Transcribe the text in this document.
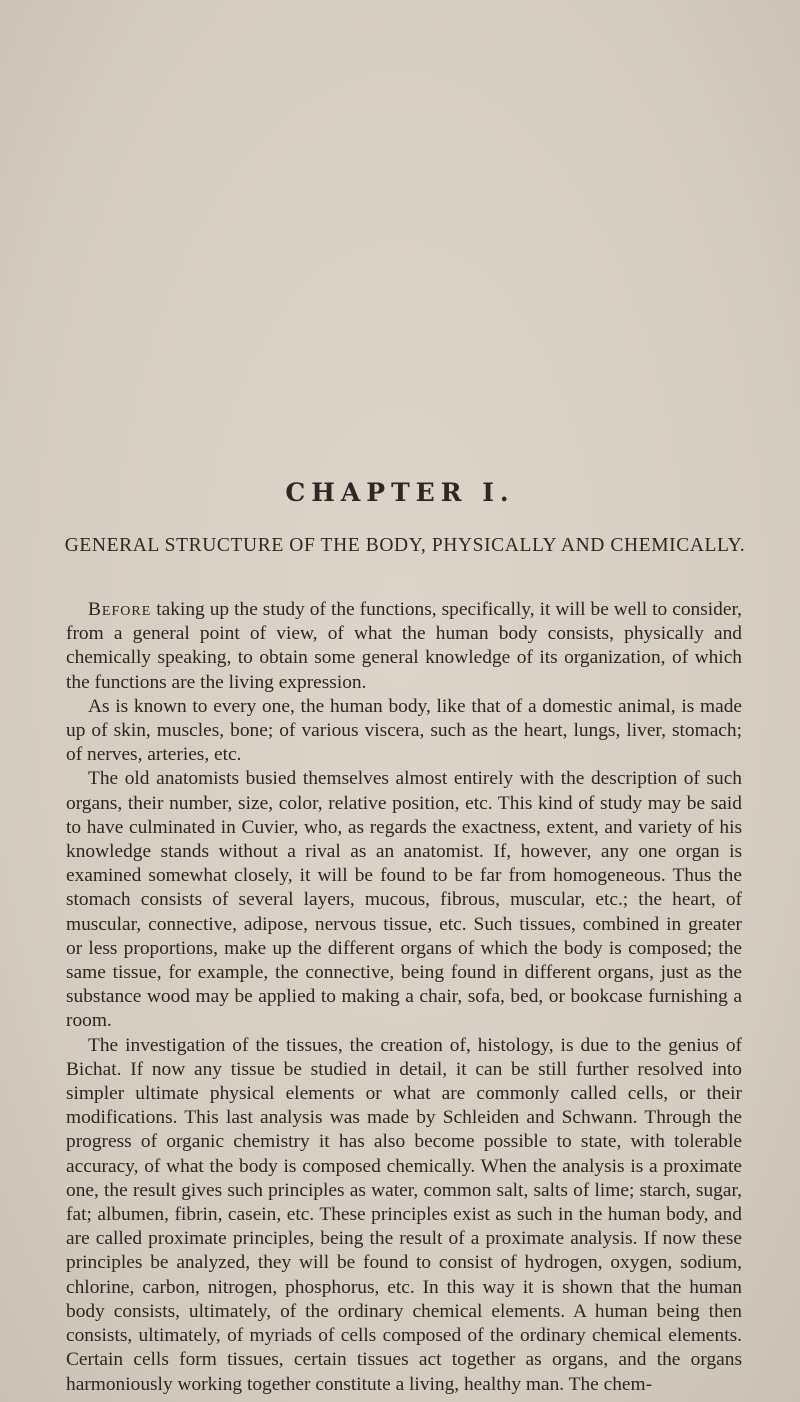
CHAPTER I.
GENERAL STRUCTURE OF THE BODY, PHYSICALLY AND CHEMICALLY.

Before taking up the study of the functions, specifically, it will be well to consider, from a general point of view, of what the human body consists, physically and chemically speaking, to obtain some general knowledge of its organization, of which the functions are the living expression.

As is known to every one, the human body, like that of a domestic animal, is made up of skin, muscles, bone; of various viscera, such as the heart, lungs, liver, stomach; of nerves, arteries, etc.

The old anatomists busied themselves almost entirely with the description of such organs, their number, size, color, relative position, etc. This kind of study may be said to have culminated in Cuvier, who, as regards the exactness, extent, and variety of his knowledge stands without a rival as an anatomist. If, however, any one organ is examined somewhat closely, it will be found to be far from homogeneous. Thus the stomach consists of several layers, mucous, fibrous, muscular, etc.; the heart, of muscular, connective, adipose, nervous tissue, etc. Such tissues, combined in greater or less proportions, make up the different organs of which the body is composed; the same tissue, for example, the connective, being found in different organs, just as the substance wood may be applied to making a chair, sofa, bed, or bookcase furnishing a room.

The investigation of the tissues, the creation of, histology, is due to the genius of Bichat. If now any tissue be studied in detail, it can be still further resolved into simpler ultimate physical elements or what are commonly called cells, or their modifications. This last analysis was made by Schleiden and Schwann. Through the progress of organic chemistry it has also become possible to state, with tolerable accuracy, of what the body is composed chemically. When the analysis is a proximate one, the result gives such principles as water, common salt, salts of lime; starch, sugar, fat; albumen, fibrin, casein, etc. These principles exist as such in the human body, and are called proximate principles, being the result of a proximate analysis. If now these principles be analyzed, they will be found to consist of hydrogen, oxygen, sodium, chlorine, carbon, nitrogen, phosphorus, etc. In this way it is shown that the human body consists, ultimately, of the ordinary chemical elements. A human being then consists, ultimately, of myriads of cells composed of the ordinary chemical elements. Certain cells form tissues, certain tissues act together as organs, and the organs harmoniously working together constitute a living, healthy man. The chem-
